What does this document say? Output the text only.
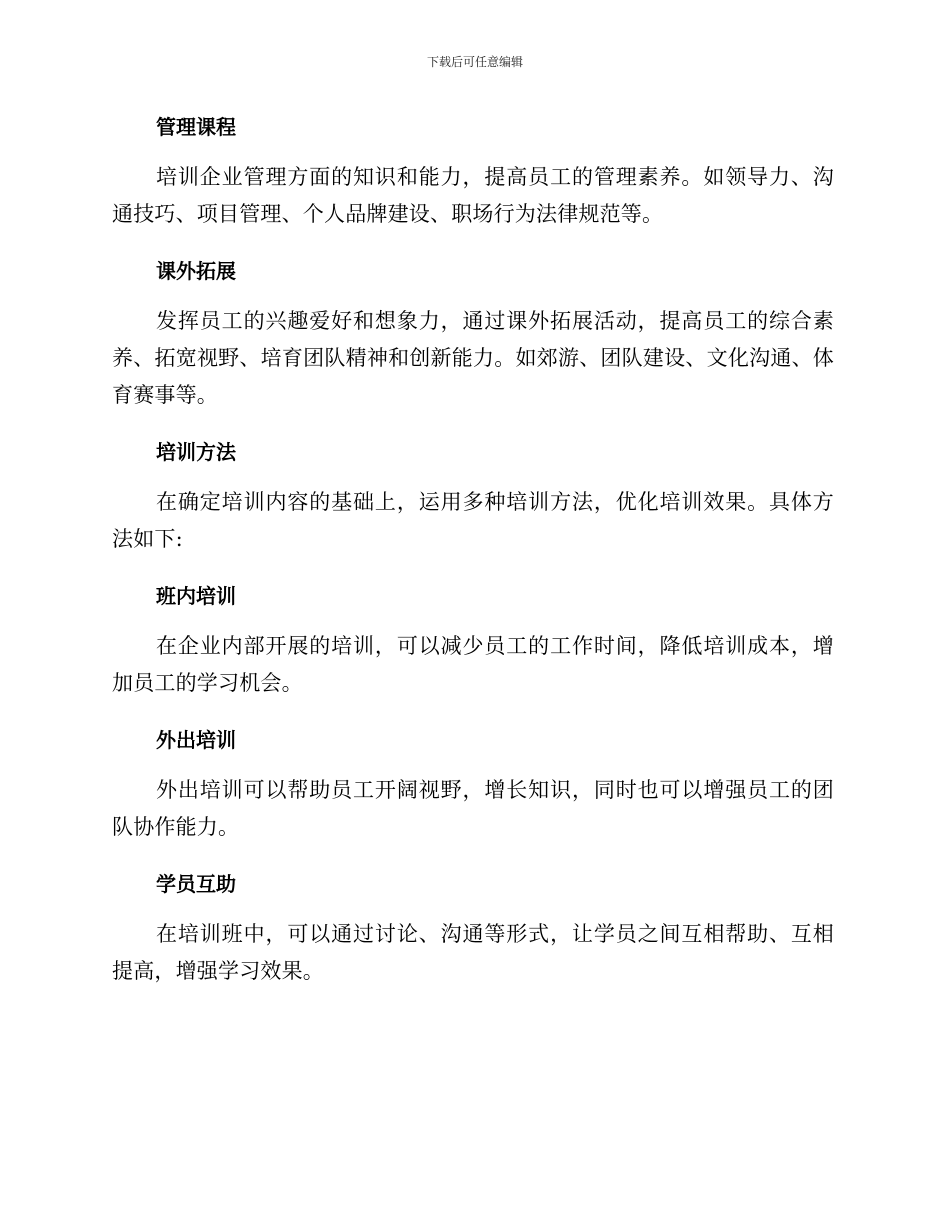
下载后可任意编辑
管理课程

培训企业管理方面的知识和能力，提高员工的管理素养。如领导力、沟通技巧、项目管理、个人品牌建设、职场行为法律规范等。

课外拓展

发挥员工的兴趣爱好和想象力，通过课外拓展活动，提高员工的综合素养、拓宽视野、培育团队精神和创新能力。如郊游、团队建设、文化沟通、体育赛事等。

培训方法

在确定培训内容的基础上，运用多种培训方法，优化培训效果。具体方法如下:

班内培训

在企业内部开展的培训，可以减少员工的工作时间，降低培训成本，增加员工的学习机会。

外出培训

外出培训可以帮助员工开阔视野，增长知识，同时也可以增强员工的团队协作能力。

学员互助

在培训班中，可以通过讨论、沟通等形式，让学员之间互相帮助、互相提高，增强学习效果。
